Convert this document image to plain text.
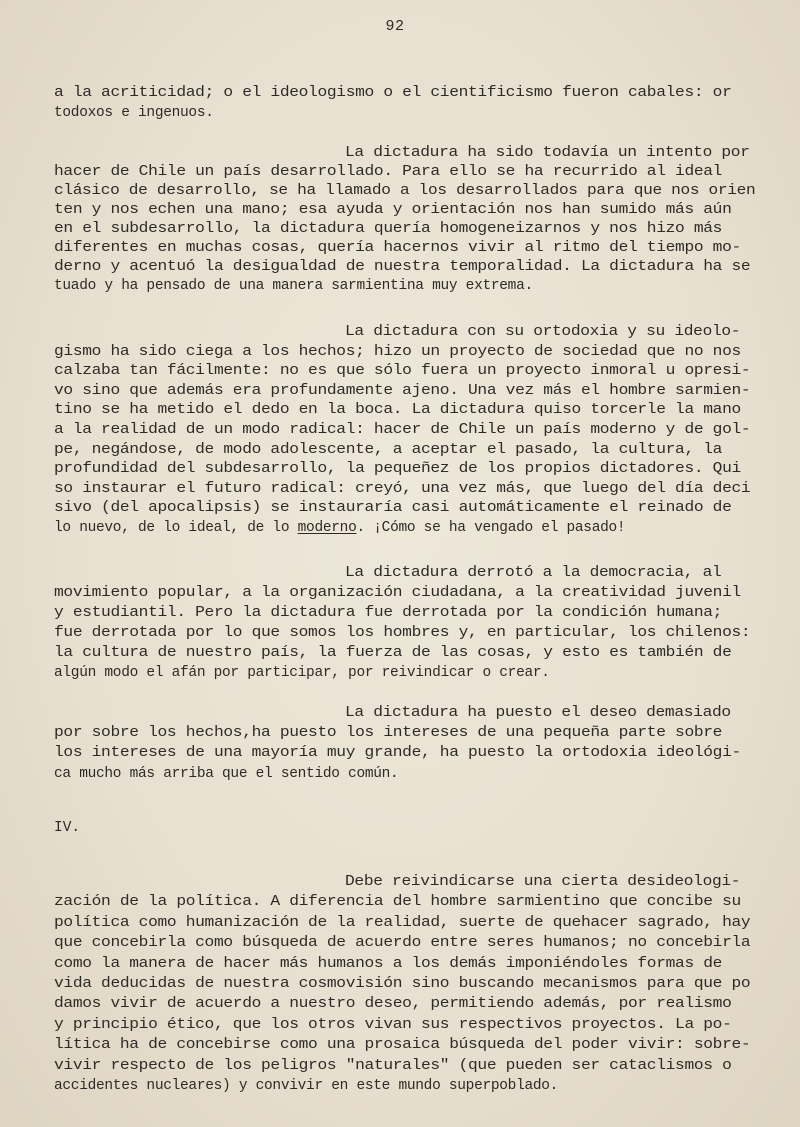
92
a la acriticidad; o el ideologismo o el cientificismo fueron cabales: or
todoxos e ingenuos.
La dictadura ha sido todavía un intento por
hacer de Chile un país desarrollado. Para ello se ha recurrido al ideal
clásico de desarrollo, se ha llamado a los desarrollados para que nos orien
ten y nos echen una mano; esa ayuda y orientación nos han sumido más aún
en el subdesarrollo, la dictadura quería homogeneizarnos y nos hizo más
diferentes en muchas cosas, quería hacernos vivir al ritmo del tiempo mo-
derno y acentuó la desigualdad de nuestra temporalidad. La dictadura ha se
tuado y ha pensado de una manera sarmientina muy extrema.
La dictadura con su ortodoxia y su ideolo-
gismo ha sido ciega a los hechos; hizo un proyecto de sociedad que no nos
calzaba tan fácilmente: no es que sólo fuera un proyecto inmoral u opresi-
vo sino que además era profundamente ajeno. Una vez más el hombre sarmien-
tino se ha metido el dedo en la boca. La dictadura quiso torcerle la mano
a la realidad de un modo radical: hacer de Chile un país moderno y de gol-
pe, negándose, de modo adolescente, a aceptar el pasado, la cultura, la
profundidad del subdesarrollo, la pequeñez de los propios dictadores. Qui
so instaurar el futuro radical: creyó, una vez más, que luego del día deci
sivo (del apocalipsis) se instauraría casi automáticamente el reinado de
lo nuevo, de lo ideal, de lo moderno. ¡Cómo se ha vengado el pasado!
La dictadura derrotó a la democracia, al
movimiento popular, a la organización ciudadana, a la creatividad juvenil
y estudiantil. Pero la dictadura fue derrotada por la condición humana;
fue derrotada por lo que somos los hombres y, en particular, los chilenos:
la cultura de nuestro país, la fuerza de las cosas, y esto es también de
algún modo el afán por participar, por reivindicar o crear.
La dictadura ha puesto el deseo demasiado
por sobre los hechos,ha puesto los intereses de una pequeña parte sobre
los intereses de una mayoría muy grande, ha puesto la ortodoxia ideológi-
ca mucho más arriba que el sentido común.
Debe reivindicarse una cierta desideologi-
zación de la política. A diferencia del hombre sarmientino que concibe su
política como humanización de la realidad, suerte de quehacer sagrado, hay
que concebirla como búsqueda de acuerdo entre seres humanos; no concebirla
como la manera de hacer más humanos a los demás imponiéndoles formas de
vida deducidas de nuestra cosmovisión sino buscando mecanismos para que po
damos vivir de acuerdo a nuestro deseo, permitiendo además, por realismo
y principio ético, que los otros vivan sus respectivos proyectos. La po-
lítica ha de concebirse como una prosaica búsqueda del poder vivir: sobre-
vivir respecto de los peligros "naturales" (que pueden ser cataclismos o
accidentes nucleares) y convivir en este mundo superpoblado.
IV.
